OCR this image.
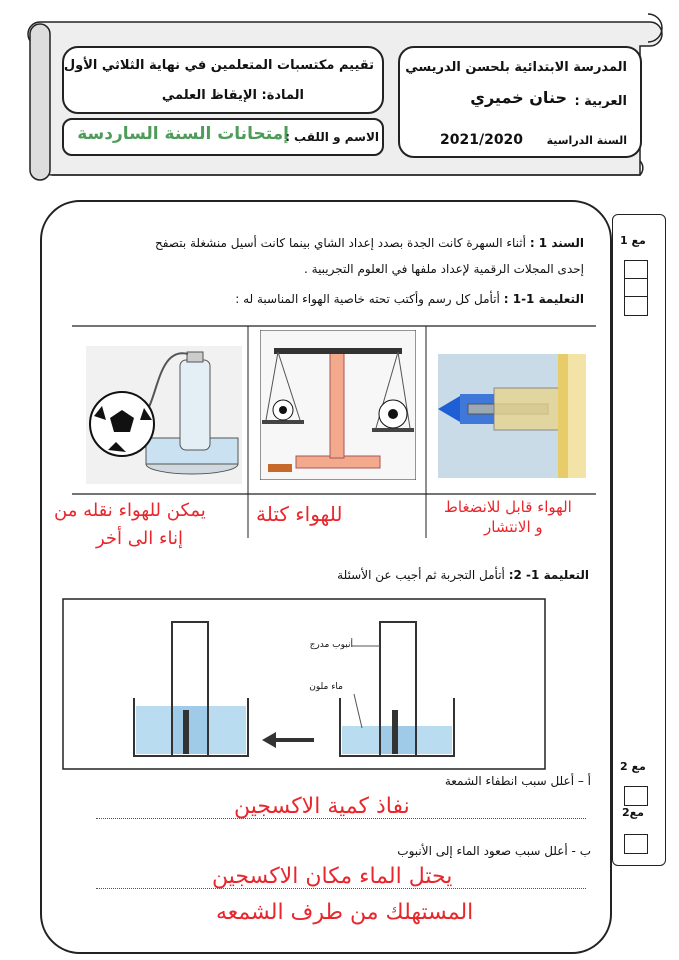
تقييم مكتسبات المتعلمين في نهاية الثلاثي الأول
المادة: الإيقاظ العلمي
الاسم و اللقب :
إمتحانات السنة الساردسة
المدرسة الابتدائية بلحسن الدريسي
العربية :
حنان خميري
السنة الدراسية
2021/2020
مع 1
مع 2
مع2
السند 1 : أثناء السهرة كانت الجدة بصدد إعداد الشاي بينما كانت أسيل منشغلة بتصفح
إحدى المجلات الرقمية لإعداد ملفها في العلوم التجريبية .
التعليمة 1-1 : أتأمل كل رسم وأكتب تحته خاصية الهواء المناسبة له :
الهواء قابل للانضغاط
و الانتشار
للهواء كتلة
يمكن للهواء نقله من
إناء الى أخر
التعليمة 1- 2: أتأمل التجربة ثم أجيب عن الأسئلة
أنبوب مدرج
ماء ملون
أ – أعلل سبب انطفاء الشمعة
نفاذ كمية الاكسجين
ب - أعلل سبب صعود الماء إلى الأنبوب
يحتل الماء مكان الاكسجين
المستهلك من طرف الشمعه
